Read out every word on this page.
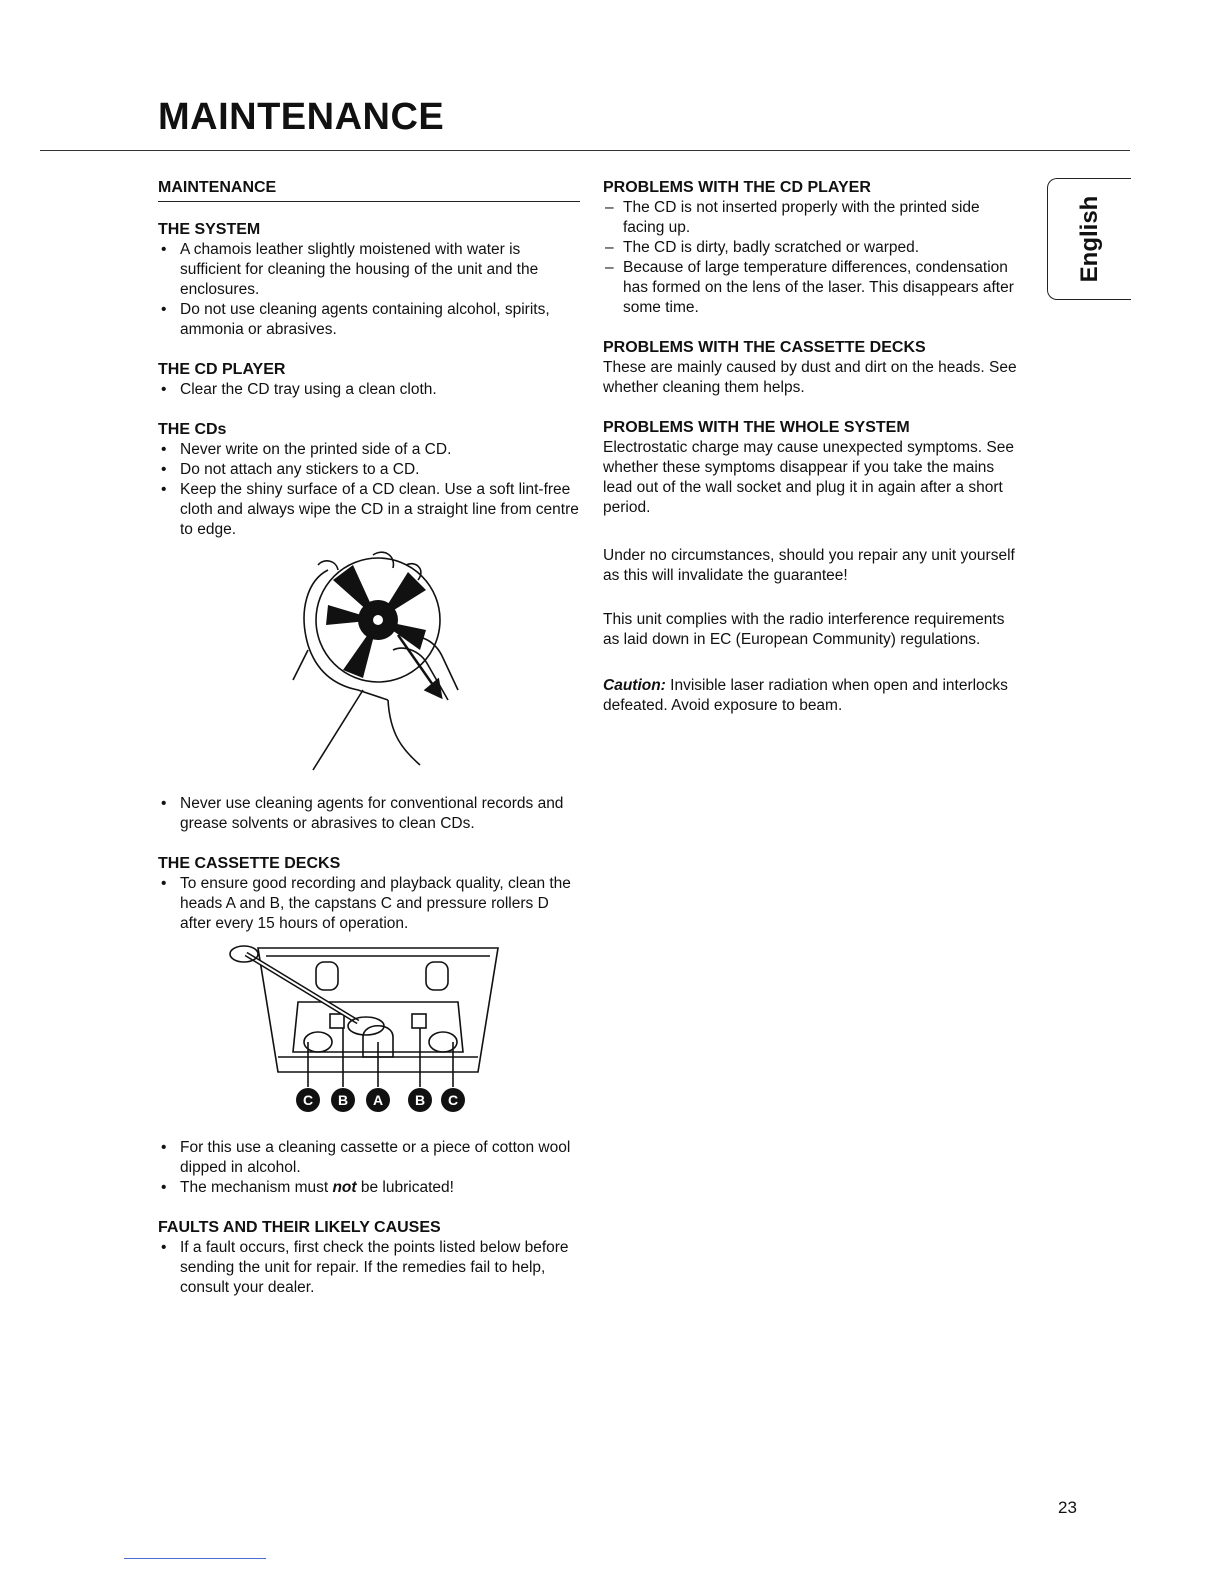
MAINTENANCE
English
MAINTENANCE
THE SYSTEM
• A chamois leather slightly moistened with water is sufficient for cleaning the housing of the unit and the enclosures.
• Do not use cleaning agents containing alcohol, spirits, ammonia or abrasives.
THE CD PLAYER
• Clear the CD tray using a clean cloth.
THE CDs
• Never write on the printed side of a CD.
• Do not attach any stickers to a CD.
• Keep the shiny surface of a CD clean. Use a soft lint-free cloth and always wipe the CD in a straight line from centre to edge.
• Never use cleaning agents for conventional records and grease solvents or abrasives to clean CDs.
THE CASSETTE DECKS
• To ensure good recording and playback quality, clean the heads A and B, the capstans C and pressure rollers D after every 15 hours of operation.
C B A B C
• For this use a cleaning cassette or a piece of cotton wool dipped in alcohol.
• The mechanism must not be lubricated!
FAULTS AND THEIR LIKELY CAUSES
• If a fault occurs, first check the points listed below before sending the unit for repair. If the remedies fail to help, consult your dealer.
PROBLEMS WITH THE CD PLAYER
– The CD is not inserted properly with the printed side facing up.
– The CD is dirty, badly scratched or warped.
– Because of large temperature differences, condensation has formed on the lens of the laser. This disappears after some time.
PROBLEMS WITH THE CASSETTE DECKS

These are mainly caused by dust and dirt on the heads. See whether cleaning them helps.

PROBLEMS WITH THE WHOLE SYSTEM

Electrostatic charge may cause unexpected symptoms. See whether these symptoms disappear if you take the mains lead out of the wall socket and plug it in again after a short period.

Under no circumstances, should you repair any unit yourself as this will invalidate the guarantee!

This unit complies with the radio interference requirements as laid down in EC (European Community) regulations.

Caution: Invisible laser radiation when open and interlocks defeated. Avoid exposure to beam.

23
